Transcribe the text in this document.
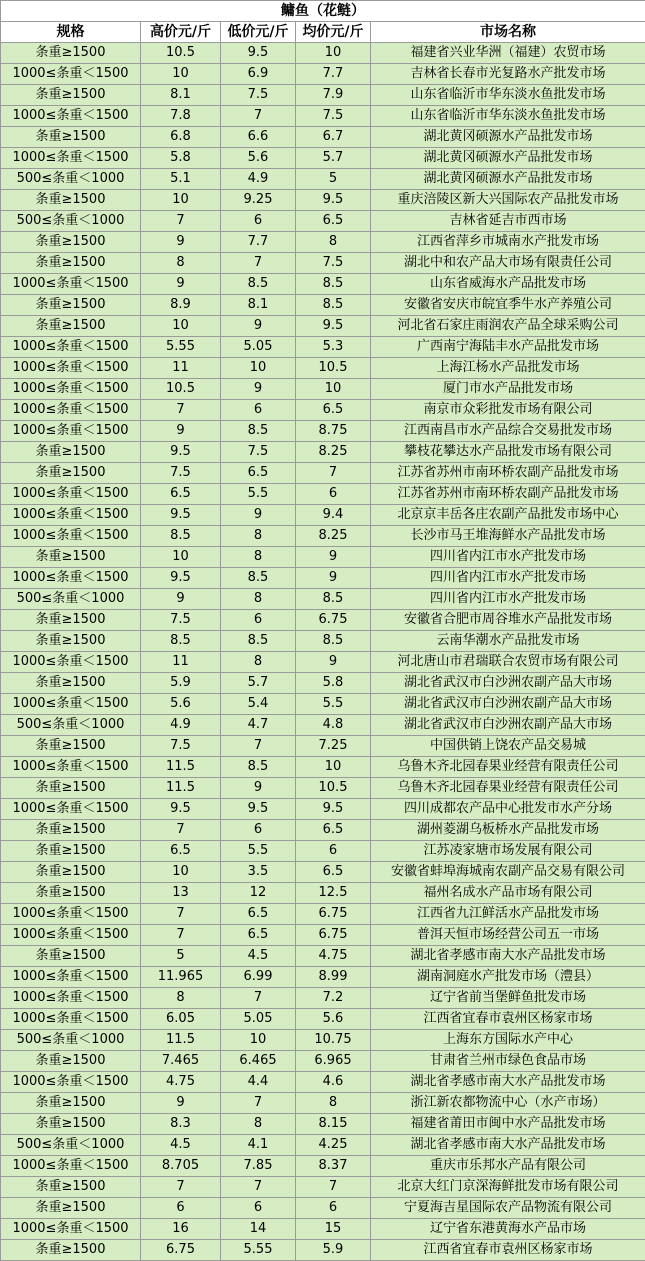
鳙鱼（花鲢）				
规格	高价元/斤	低价元/斤	均价元/斤	市场名称
条重≥1500	10.5	9.5	10	福建省兴业华洲（福建）农贸市场
1000≤条重＜1500	10	6.9	7.7	吉林省长春市光复路水产批发市场
条重≥1500	8.1	7.5	7.9	山东省临沂市华东淡水鱼批发市场
1000≤条重＜1500	7.8	7	7.5	山东省临沂市华东淡水鱼批发市场
条重≥1500	6.8	6.6	6.7	湖北黄冈硕源水产品批发市场
1000≤条重＜1500	5.8	5.6	5.7	湖北黄冈硕源水产品批发市场
500≤条重＜1000	5.1	4.9	5	湖北黄冈硕源水产品批发市场
条重≥1500	10	9.25	9.5	重庆涪陵区新大兴国际农产品批发市场
500≤条重＜1000	7	6	6.5	吉林省延吉市西市场
条重≥1500	9	7.7	8	江西省萍乡市城南水产批发市场
条重≥1500	8	7	7.5	湖北中和农产品大市场有限责任公司
1000≤条重＜1500	9	8.5	8.5	山东省威海水产品批发市场
条重≥1500	8.9	8.1	8.5	安徽省安庆市皖宜季牛水产养殖公司
条重≥1500	10	9	9.5	河北省石家庄雨润农产品全球采购公司
1000≤条重＜1500	5.55	5.05	5.3	广西南宁海陆丰水产品批发市场
1000≤条重＜1500	11	10	10.5	上海江杨水产品批发市场
1000≤条重＜1500	10.5	9	10	厦门市水产品批发市场
1000≤条重＜1500	7	6	6.5	南京市众彩批发市场有限公司
1000≤条重＜1500	9	8.5	8.75	江西南昌市水产品综合交易批发市场
条重≥1500	9.5	7.5	8.25	攀枝花攀达水产品批发市场有限公司
条重≥1500	7.5	6.5	7	江苏省苏州市南环桥农副产品批发市场
1000≤条重＜1500	6.5	5.5	6	江苏省苏州市南环桥农副产品批发市场
1000≤条重＜1500	9.5	9	9.4	北京京丰岳各庄农副产品批发市场中心
1000≤条重＜1500	8.5	8	8.25	长沙市马王堆海鲜水产品批发市场
条重≥1500	10	8	9	四川省内江市水产批发市场
1000≤条重＜1500	9.5	8.5	9	四川省内江市水产批发市场
500≤条重＜1000	9	8	8.5	四川省内江市水产批发市场
条重≥1500	7.5	6	6.75	安徽省合肥市周谷堆水产品批发市场
条重≥1500	8.5	8.5	8.5	云南华潮水产品批发市场
1000≤条重＜1500	11	8	9	河北唐山市君瑞联合农贸市场有限公司
条重≥1500	5.9	5.7	5.8	湖北省武汉市白沙洲农副产品大市场
1000≤条重＜1500	5.6	5.4	5.5	湖北省武汉市白沙洲农副产品大市场
500≤条重＜1000	4.9	4.7	4.8	湖北省武汉市白沙洲农副产品大市场
条重≥1500	7.5	7	7.25	中国供销上饶农产品交易城
1000≤条重＜1500	11.5	8.5	10	乌鲁木齐北园春果业经营有限责任公司
条重≥1500	11.5	9	10.5	乌鲁木齐北园春果业经营有限责任公司
1000≤条重＜1500	9.5	9.5	9.5	四川成都农产品中心批发市水产分场
条重≥1500	7	6	6.5	湖州菱湖乌板桥水产品批发市场
条重≥1500	6.5	5.5	6	江苏凌家塘市场发展有限公司
条重≥1500	10	3.5	6.5	安徽省蚌埠海城南农副产品交易有限公司
条重≥1500	13	12	12.5	福州名成水产品市场有限公司
1000≤条重＜1500	7	6.5	6.75	江西省九江鲜活水产品批发市场
1000≤条重＜1500	7	6.5	6.75	普洱天恒市场经营公司五一市场
条重≥1500	5	4.5	4.75	湖北省孝感市南大水产品批发市场
1000≤条重＜1500	11.965	6.99	8.99	湖南洞庭水产批发市场（澧县）
1000≤条重＜1500	8	7	7.2	辽宁省前当堡鲜鱼批发市场
1000≤条重＜1500	6.05	5.05	5.6	江西省宜春市袁州区杨家市场
500≤条重＜1000	11.5	10	10.75	上海东方国际水产中心
条重≥1500	7.465	6.465	6.965	甘肃省兰州市绿色食品市场
1000≤条重＜1500	4.75	4.4	4.6	湖北省孝感市南大水产品批发市场
条重≥1500	9	7	8	浙江新农都物流中心（水产市场）
条重≥1500	8.3	8	8.15	福建省莆田市闽中水产品批发市场
500≤条重＜1000	4.5	4.1	4.25	湖北省孝感市南大水产品批发市场
1000≤条重＜1500	8.705	7.85	8.37	重庆市乐邦水产品有限公司
条重≥1500	7	7	7	北京大红门京深海鲜批发市场有限公司
条重≥1500	6	6	6	宁夏海吉星国际农产品物流有限公司
1000≤条重＜1500	16	14	15	辽宁省东港黄海水产品市场
条重≥1500	6.75	5.55	5.9	江西省宜春市袁州区杨家市场
